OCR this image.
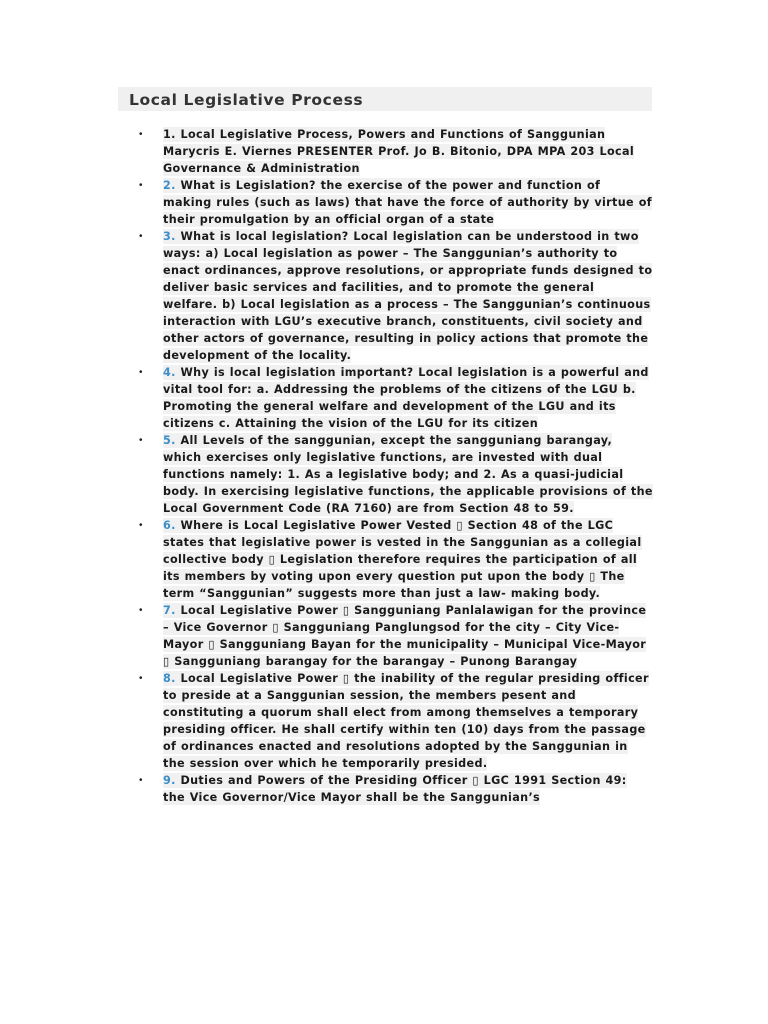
Local Legislative Process
•	1. Local Legislative Process, Powers and Functions of Sanggunian Marycris E. Viernes PRESENTER Prof. Jo B. Bitonio, DPA MPA 203 Local Governance & Administration
•	2. What is Legislation? the exercise of the power and function of making rules (such as laws) that have the force of authority by virtue of their promulgation by an official organ of a state
•	3. What is local legislation? Local legislation can be understood in two ways: a) Local legislation as power – The Sanggunian’s authority to enact ordinances, approve resolutions, or appropriate funds designed to deliver basic services and facilities, and to promote the general welfare. b) Local legislation as a process – The Sanggunian’s continuous interaction with LGU’s executive branch, constituents, civil society and other actors of governance, resulting in policy actions that promote the development of the locality.
•	4. Why is local legislation important? Local legislation is a powerful and vital tool for: a. Addressing the problems of the citizens of the LGU b. Promoting the general welfare and development of the LGU and its citizens c. Attaining the vision of the LGU for its citizen
•	5. All Levels of the sanggunian, except the sangguniang barangay, which exercises only legislative functions, are invested with dual functions namely: 1. As a legislative body; and 2. As a quasi-judicial body. In exercising legislative functions, the applicable provisions of the Local Government Code (RA 7160) are from Section 48 to 59.
•	6. Where is Local Legislative Power Vested ▯ Section 48 of the LGC states that legislative power is vested in the Sanggunian as a collegial collective body ▯ Legislation therefore requires the participation of all its members by voting upon every question put upon the body ▯ The term “Sanggunian” suggests more than just a law- making body.
•	7. Local Legislative Power ▯ Sangguniang Panlalawigan for the province – Vice Governor ▯ Sangguniang Panglungsod for the city – City Vice-Mayor ▯ Sangguniang Bayan for the municipality – Municipal Vice-Mayor ▯ Sangguniang barangay for the barangay – Punong Barangay
•	8. Local Legislative Power ▯ the inability of the regular presiding officer to preside at a Sanggunian session, the members pesent and constituting a quorum shall elect from among themselves a temporary presiding officer. He shall certify within ten (10) days from the passage of ordinances enacted and resolutions adopted by the Sanggunian in the session over which he temporarily presided.
•	9. Duties and Powers of the Presiding Officer ▯ LGC 1991 Section 49: the Vice Governor/Vice Mayor shall be the Sanggunian’s
